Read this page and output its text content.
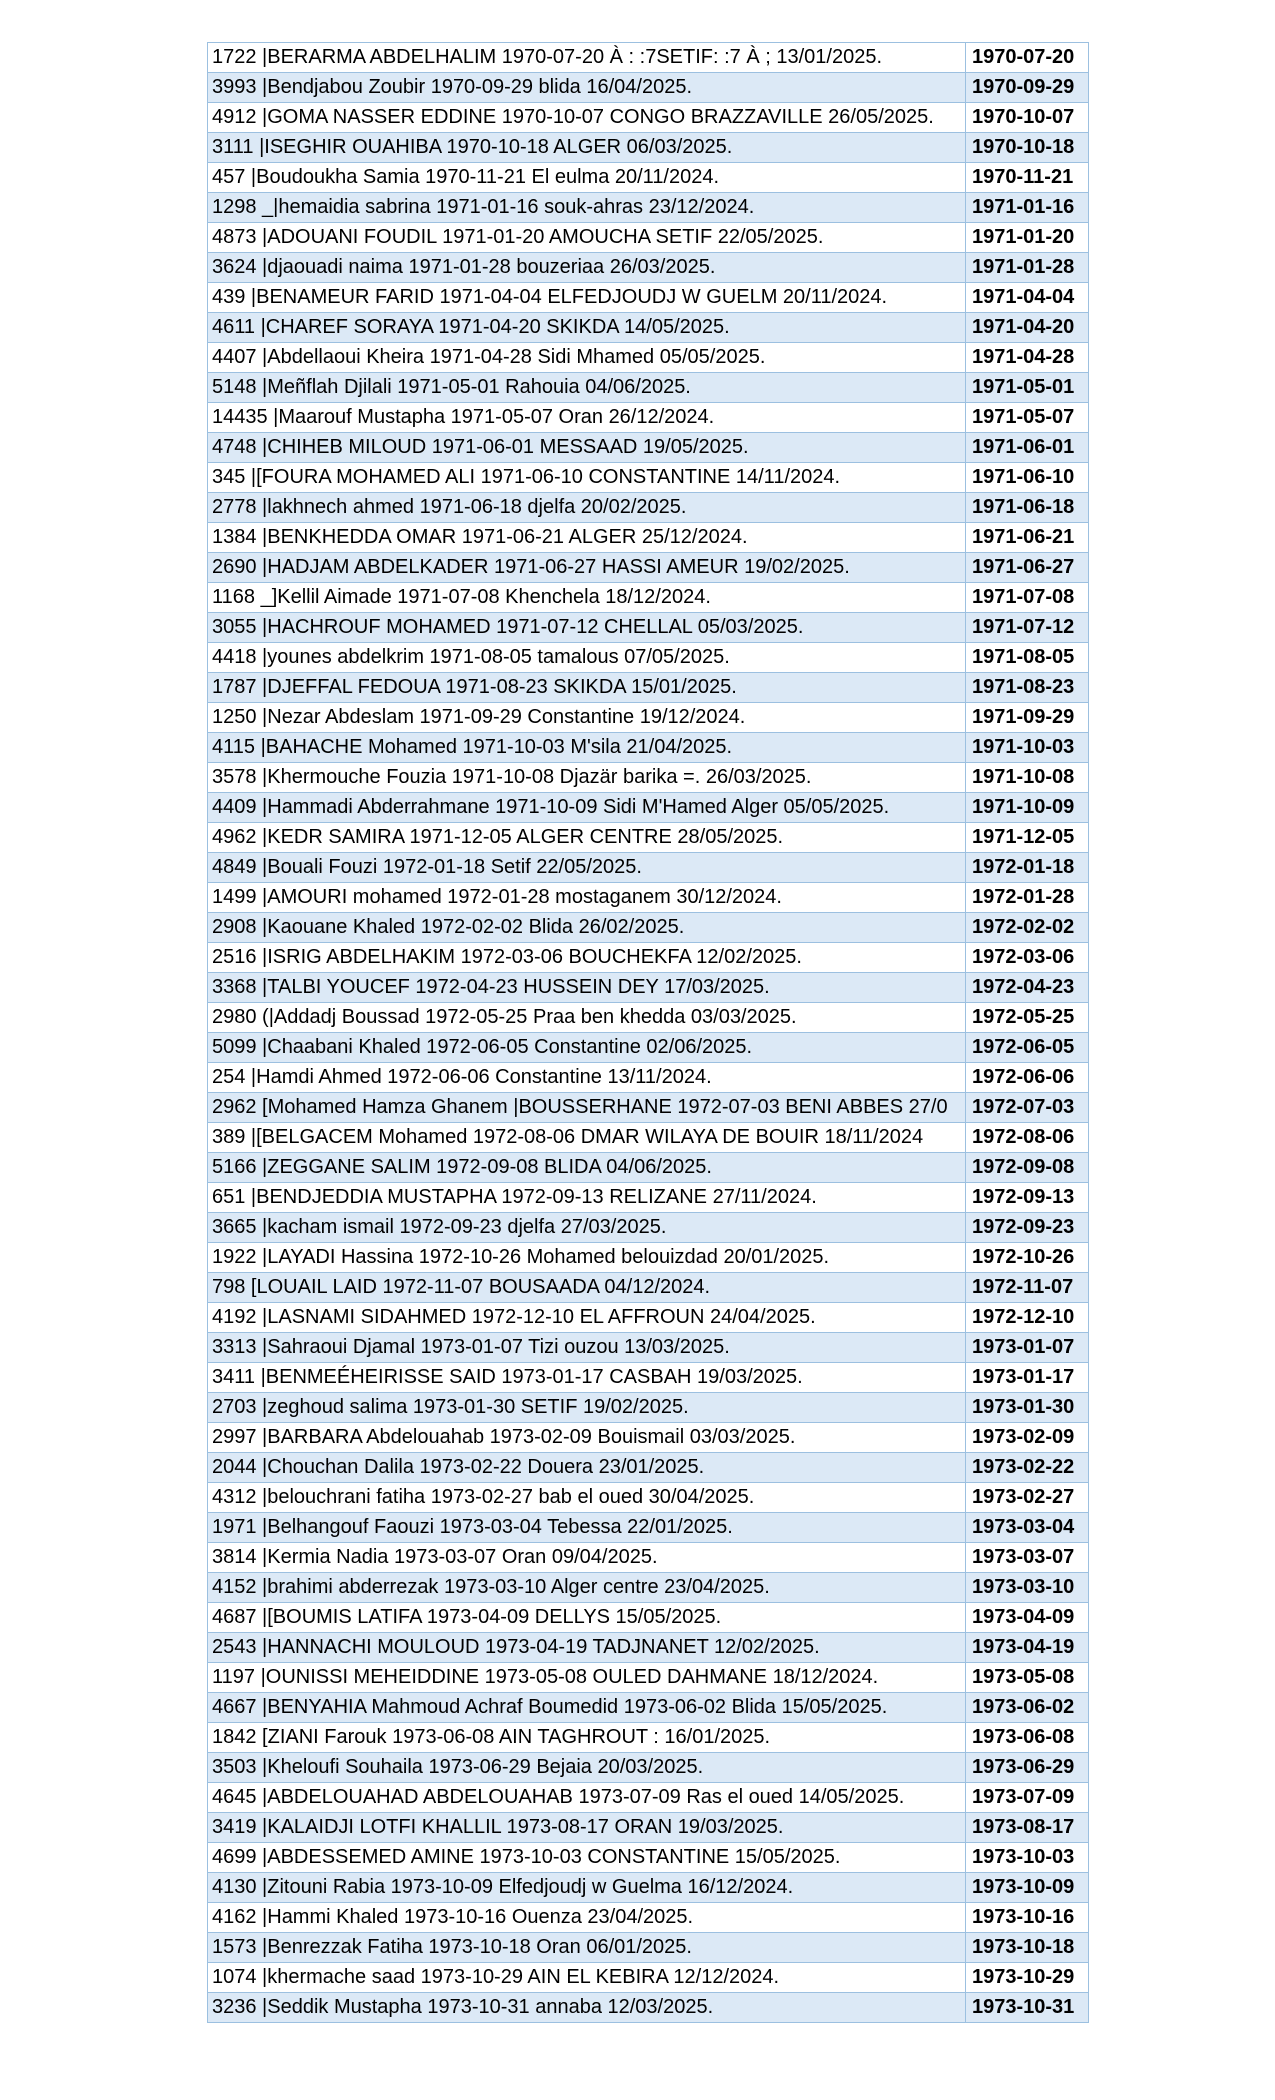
1722 |BERARMA ABDELHALIM 1970-07-20 À : :7SETIF: :7 À ; 13/01/2025.	1970-07-20
3993 |Bendjabou Zoubir 1970-09-29 blida 16/04/2025.	1970-09-29
4912 |GOMA NASSER EDDINE 1970-10-07 CONGO BRAZZAVILLE 26/05/2025.	1970-10-07
3111 |ISEGHIR OUAHIBA 1970-10-18 ALGER 06/03/2025.	1970-10-18
457 |Boudoukha Samia 1970-11-21 El eulma 20/11/2024.	1970-11-21
1298 _|hemaidia sabrina 1971-01-16 souk-ahras 23/12/2024.	1971-01-16
4873 |ADOUANI FOUDIL 1971-01-20 AMOUCHA SETIF 22/05/2025.	1971-01-20
3624 |djaouadi naima 1971-01-28 bouzeriaa 26/03/2025.	1971-01-28
439 |BENAMEUR FARID 1971-04-04 ELFEDJOUDJ W GUELM 20/11/2024.	1971-04-04
4611 |CHAREF SORAYA 1971-04-20 SKIKDA 14/05/2025.	1971-04-20
4407 |Abdellaoui Kheira 1971-04-28 Sidi Mhamed 05/05/2025.	1971-04-28
5148 |Meñflah Djilali 1971-05-01 Rahouia 04/06/2025.	1971-05-01
14435 |Maarouf Mustapha 1971-05-07 Oran 26/12/2024.	1971-05-07
4748 |CHIHEB MILOUD 1971-06-01 MESSAAD 19/05/2025.	1971-06-01
345 |[FOURA MOHAMED ALI 1971-06-10 CONSTANTINE 14/11/2024.	1971-06-10
2778 |lakhnech ahmed 1971-06-18 djelfa 20/02/2025.	1971-06-18
1384 |BENKHEDDA OMAR 1971-06-21 ALGER 25/12/2024.	1971-06-21
2690 |HADJAM ABDELKADER 1971-06-27 HASSI AMEUR 19/02/2025.	1971-06-27
1168 _]Kellil Aimade 1971-07-08 Khenchela 18/12/2024.	1971-07-08
3055 |HACHROUF MOHAMED 1971-07-12 CHELLAL 05/03/2025.	1971-07-12
4418 |younes abdelkrim 1971-08-05 tamalous 07/05/2025.	1971-08-05
1787 |DJEFFAL FEDOUA 1971-08-23 SKIKDA 15/01/2025.	1971-08-23
1250 |Nezar Abdeslam 1971-09-29 Constantine 19/12/2024.	1971-09-29
4115 |BAHACHE Mohamed 1971-10-03 M'sila 21/04/2025.	1971-10-03
3578 |Khermouche Fouzia 1971-10-08 Djazär barika =. 26/03/2025.	1971-10-08
4409 |Hammadi Abderrahmane 1971-10-09 Sidi M'Hamed Alger 05/05/2025.	1971-10-09
4962 |KEDR SAMIRA 1971-12-05 ALGER CENTRE 28/05/2025.	1971-12-05
4849 |Bouali Fouzi 1972-01-18 Setif 22/05/2025.	1972-01-18
1499 |AMOURI mohamed 1972-01-28 mostaganem 30/12/2024.	1972-01-28
2908 |Kaouane Khaled 1972-02-02 Blida 26/02/2025.	1972-02-02
2516 |ISRIG ABDELHAKIM 1972-03-06 BOUCHEKFA 12/02/2025.	1972-03-06
3368 |TALBI YOUCEF 1972-04-23 HUSSEIN DEY 17/03/2025.	1972-04-23
2980 (|Addadj Boussad 1972-05-25 Praa ben khedda 03/03/2025.	1972-05-25
5099 |Chaabani Khaled 1972-06-05 Constantine 02/06/2025.	1972-06-05
254 |Hamdi Ahmed 1972-06-06 Constantine 13/11/2024.	1972-06-06
2962 [Mohamed Hamza Ghanem |BOUSSERHANE 1972-07-03 BENI ABBES 27/0	1972-07-03
389 |[BELGACEM Mohamed 1972-08-06 DMAR WILAYA DE BOUIR 18/11/2024	1972-08-06
5166 |ZEGGANE SALIM 1972-09-08 BLIDA 04/06/2025.	1972-09-08
651 |BENDJEDDIA MUSTAPHA 1972-09-13 RELIZANE 27/11/2024.	1972-09-13
3665 |kacham ismail 1972-09-23 djelfa 27/03/2025.	1972-09-23
1922 |LAYADI Hassina 1972-10-26 Mohamed belouizdad 20/01/2025.	1972-10-26
798 [LOUAIL LAID 1972-11-07 BOUSAADA 04/12/2024.	1972-11-07
4192 |LASNAMI SIDAHMED 1972-12-10 EL AFFROUN 24/04/2025.	1972-12-10
3313 |Sahraoui Djamal 1973-01-07 Tizi ouzou 13/03/2025.	1973-01-07
3411 |BENMEÉHEIRISSE SAID 1973-01-17 CASBAH 19/03/2025.	1973-01-17
2703 |zeghoud salima 1973-01-30 SETIF 19/02/2025.	1973-01-30
2997 |BARBARA Abdelouahab 1973-02-09 Bouismail 03/03/2025.	1973-02-09
2044 |Chouchan Dalila 1973-02-22 Douera 23/01/2025.	1973-02-22
4312 |belouchrani fatiha 1973-02-27 bab el oued 30/04/2025.	1973-02-27
1971 |Belhangouf Faouzi 1973-03-04 Tebessa 22/01/2025.	1973-03-04
3814 |Kermia Nadia 1973-03-07 Oran 09/04/2025.	1973-03-07
4152 |brahimi abderrezak 1973-03-10 Alger centre 23/04/2025.	1973-03-10
4687 |[BOUMIS LATIFA 1973-04-09 DELLYS 15/05/2025.	1973-04-09
2543 |HANNACHI MOULOUD 1973-04-19 TADJNANET 12/02/2025.	1973-04-19
1197 |OUNISSI MEHEIDDINE 1973-05-08 OULED DAHMANE 18/12/2024.	1973-05-08
4667 |BENYAHIA Mahmoud Achraf Boumedid 1973-06-02 Blida 15/05/2025.	1973-06-02
1842 [ZIANI Farouk 1973-06-08 AIN TAGHROUT : 16/01/2025.	1973-06-08
3503 |Kheloufi Souhaila 1973-06-29 Bejaia 20/03/2025.	1973-06-29
4645 |ABDELOUAHAD ABDELOUAHAB 1973-07-09 Ras el oued 14/05/2025.	1973-07-09
3419 |KALAIDJI LOTFI KHALLIL 1973-08-17 ORAN 19/03/2025.	1973-08-17
4699 |ABDESSEMED AMINE 1973-10-03 CONSTANTINE 15/05/2025.	1973-10-03
4130 |Zitouni Rabia 1973-10-09 Elfedjoudj w Guelma 16/12/2024.	1973-10-09
4162 |Hammi Khaled 1973-10-16 Ouenza 23/04/2025.	1973-10-16
1573 |Benrezzak Fatiha 1973-10-18 Oran 06/01/2025.	1973-10-18
1074 |khermache saad 1973-10-29 AIN EL KEBIRA 12/12/2024.	1973-10-29
3236 |Seddik Mustapha 1973-10-31 annaba 12/03/2025.	1973-10-31
